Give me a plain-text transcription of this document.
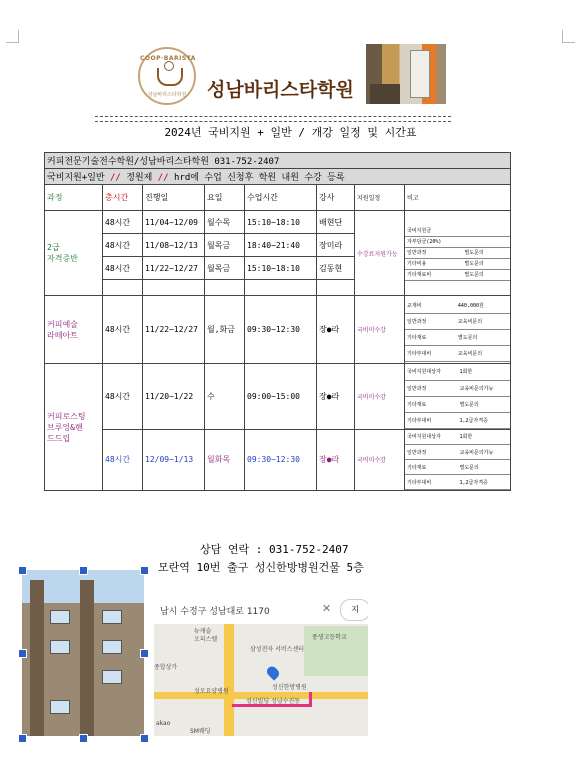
COOP·BARISTA
성남바리스타학원	성남바리스타학원
2024년 국비지원 + 일반 / 개강 일정 및 시간표
커피전문기술전수학원/성남바리스타학원 031-752-2407
국비지원+일반 // 정원제 // hrd에 수업 신청후 학원 내원 수강 등록
과정	총시간	진행일	요일	수업시간	강사	지원일정	비고
2급
자격증반	48시간	11/04~12/09	월수목	15:10~18:10	배현단	수강료지원가능	
국비지원금
자부담금(20%)
일반과정	별도문의
기타비용	별도문의
기타재료비	별도문의

48시간	11/08~12/13	월목금	18:40~21:40	장미라
48시간	11/22~12/27	월목금	15:10~18:10	김동현

커피예술
라떼아트	48시간	11/22~12/27	월,화금	09:30~12:30	장●라	국비미수강	
교재비	440,000원
일반과정	교육비문의
기타재료	별도문의
기타부대비	교육비문의

커피로스팅
브루잉&핸
드드립	48시간	11/20~1/22	수	09:00~15:00	장●라	국비미수강	
국비지원대상자	1회한
일반과정	교육비문의가능
기타재료	별도문의
기타부대비	1,2급자격증

48시간	12/09~1/13	월화목	09:30~12:30	장●라	국비미수강	
국비지원대상자	1회한
일반과정	교육비문의가능
기타재료	별도문의
기타부대비	1,2급자격증
상담 연락 : 031-752-2407
모란역 10번 출구 성신한방병원건물 5층
남시 수정구 성남대로 1170	✕	지
뉴캐슬
오피스텔
삼성전자 서비스센터
풍생고등학교
종합상가
성모요양병원
성신한방병원
성신빌딩 성남수진동
akao
SM웨딩
